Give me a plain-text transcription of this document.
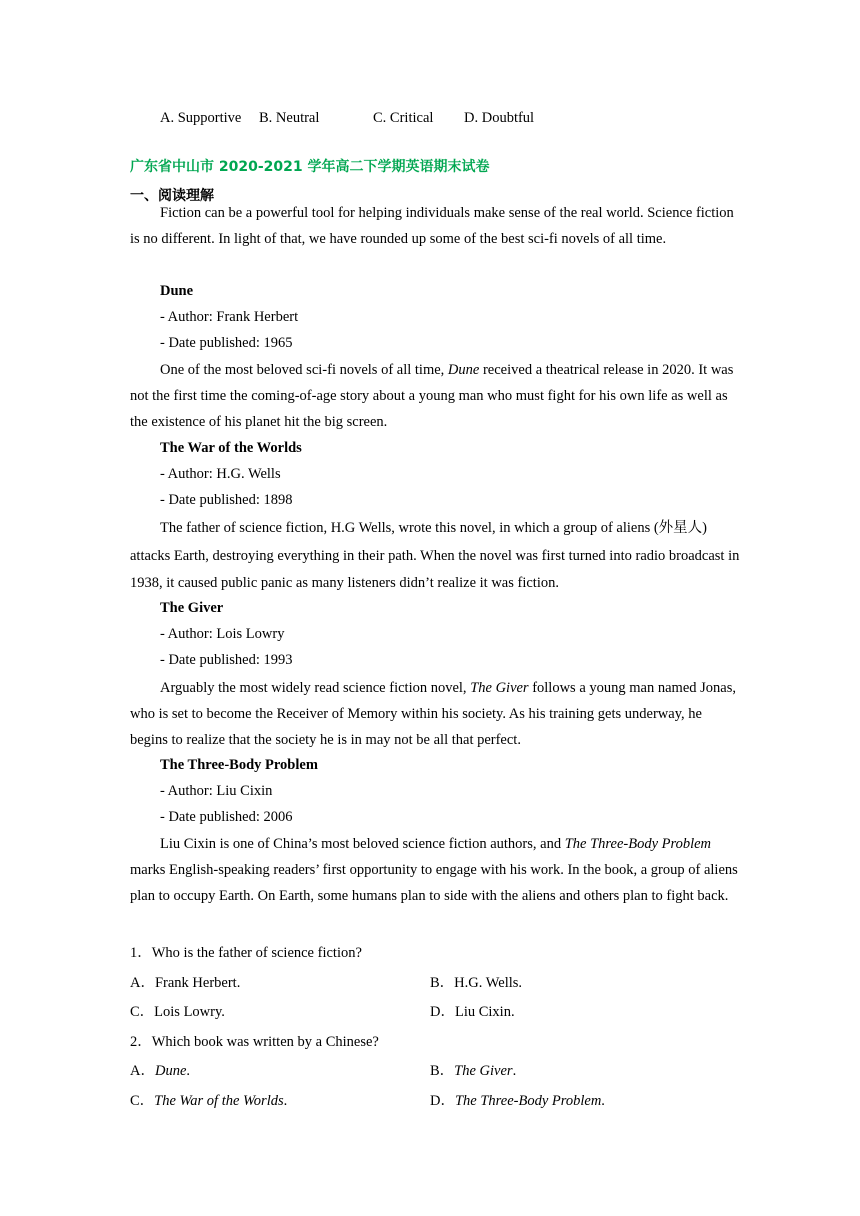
A. Supportive B. Neutral	C. Critical D. Doubtful
广东省中山市 2020-2021 学年高二下学期英语期末试卷
一、阅读理解
Fiction can be a powerful tool for helping individuals make sense of the real world. Science fiction is no different. In light of that, we have rounded up some of the best sci-fi novels of all time.
Dune
- Author: Frank Herbert
- Date published: 1965
One of the most beloved sci-fi novels of all time, Dune received a theatrical release in 2020. It was not the first time the coming-of-age story about a young man who must fight for his own life as well as the existence of his planet hit the big screen.
The War of the Worlds
- Author: H.G. Wells
- Date published: 1898
The father of science fiction, H.G Wells, wrote this novel, in which a group of aliens (外星人) attacks Earth, destroying everything in their path. When the novel was first turned into radio broadcast in 1938, it caused public panic as many listeners didn’t realize it was fiction.
The Giver
- Author: Lois Lowry
- Date published: 1993
Arguably the most widely read science fiction novel, The Giver follows a young man named Jonas, who is set to become the Receiver of Memory within his society. As his training gets underway, he begins to realize that the society he is in may not be all that perfect.
The Three-Body Problem
- Author: Liu Cixin
- Date published: 2006
Liu Cixin is one of China’s most beloved science fiction authors, and The Three-Body Problem marks English-speaking readers’ first opportunity to engage with his work. In the book, a group of aliens plan to occupy Earth. On Earth, some humans plan to side with the aliens and others plan to fight back.
1．Who is the father of science fiction?
A．Frank Herbert.	B．H.G. Wells.
C．Lois Lowry.	D．Liu Cixin.
2．Which book was written by a Chinese?
A．Dune.	B．The Giver.
C．The War of the Worlds.	D．The Three-Body Problem.
